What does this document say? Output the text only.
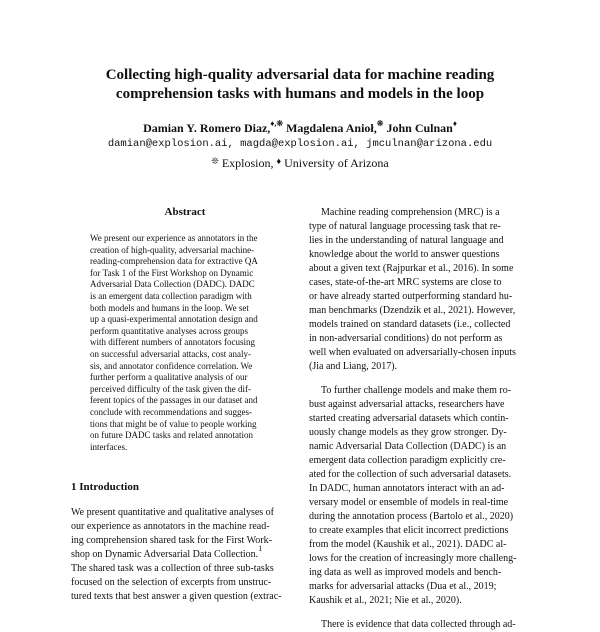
Collecting high-quality adversarial data for machine reading
comprehension tasks with humans and models in the loop
Damian Y. Romero Diaz,♦,❊ Magdalena Anioł,❊ John Culnan♦
damian@explosion.ai, magda@explosion.ai, jmculnan@arizona.edu
❊ Explosion, ♦ University of Arizona
Abstract
We present our experience as annotators in the
creation of high-quality, adversarial machine-
reading-comprehension data for extractive QA
for Task 1 of the First Workshop on Dynamic
Adversarial Data Collection (DADC). DADC
is an emergent data collection paradigm with
both models and humans in the loop. We set
up a quasi-experimental annotation design and
perform quantitative analyses across groups
with different numbers of annotators focusing
on successful adversarial attacks, cost analy-
sis, and annotator confidence correlation. We
further perform a qualitative analysis of our
perceived difficulty of the task given the dif-
ferent topics of the passages in our dataset and
conclude with recommendations and sugges-
tions that might be of value to people working
on future DADC tasks and related annotation
interfaces.
1 Introduction
We present quantitative and qualitative analyses of
our experience as annotators in the machine read-
ing comprehension shared task for the First Work-
shop on Dynamic Adversarial Data Collection.$^1$
The shared task was a collection of three sub-tasks
focused on the selection of excerpts from unstruc-
tured texts that best answer a given question (extrac-
Machine reading comprehension (MRC) is a
type of natural language processing task that re-
lies in the understanding of natural language and
knowledge about the world to answer questions
about a given text (Rajpurkar et al., 2016). In some
cases, state-of-the-art MRC systems are close to
or have already started outperforming standard hu-
man benchmarks (Dzendzik et al., 2021). However,
models trained on standard datasets (i.e., collected
in non-adversarial conditions) do not perform as
well when evaluated on adversarially-chosen inputs
(Jia and Liang, 2017).
To further challenge models and make them ro-
bust against adversarial attacks, researchers have
started creating adversarial datasets which contin-
uously change models as they grow stronger. Dy-
namic Adversarial Data Collection (DADC) is an
emergent data collection paradigm explicitly cre-
ated for the collection of such adversarial datasets.
In DADC, human annotators interact with an ad-
versary model or ensemble of models in real-time
during the annotation process (Bartolo et al., 2020)
to create examples that elicit incorrect predictions
from the model (Kaushik et al., 2021). DADC al-
lows for the creation of increasingly more challeng-
ing data as well as improved models and bench-
marks for adversarial attacks (Dua et al., 2019;
Kaushik et al., 2021; Nie et al., 2020).
There is evidence that data collected through ad-
